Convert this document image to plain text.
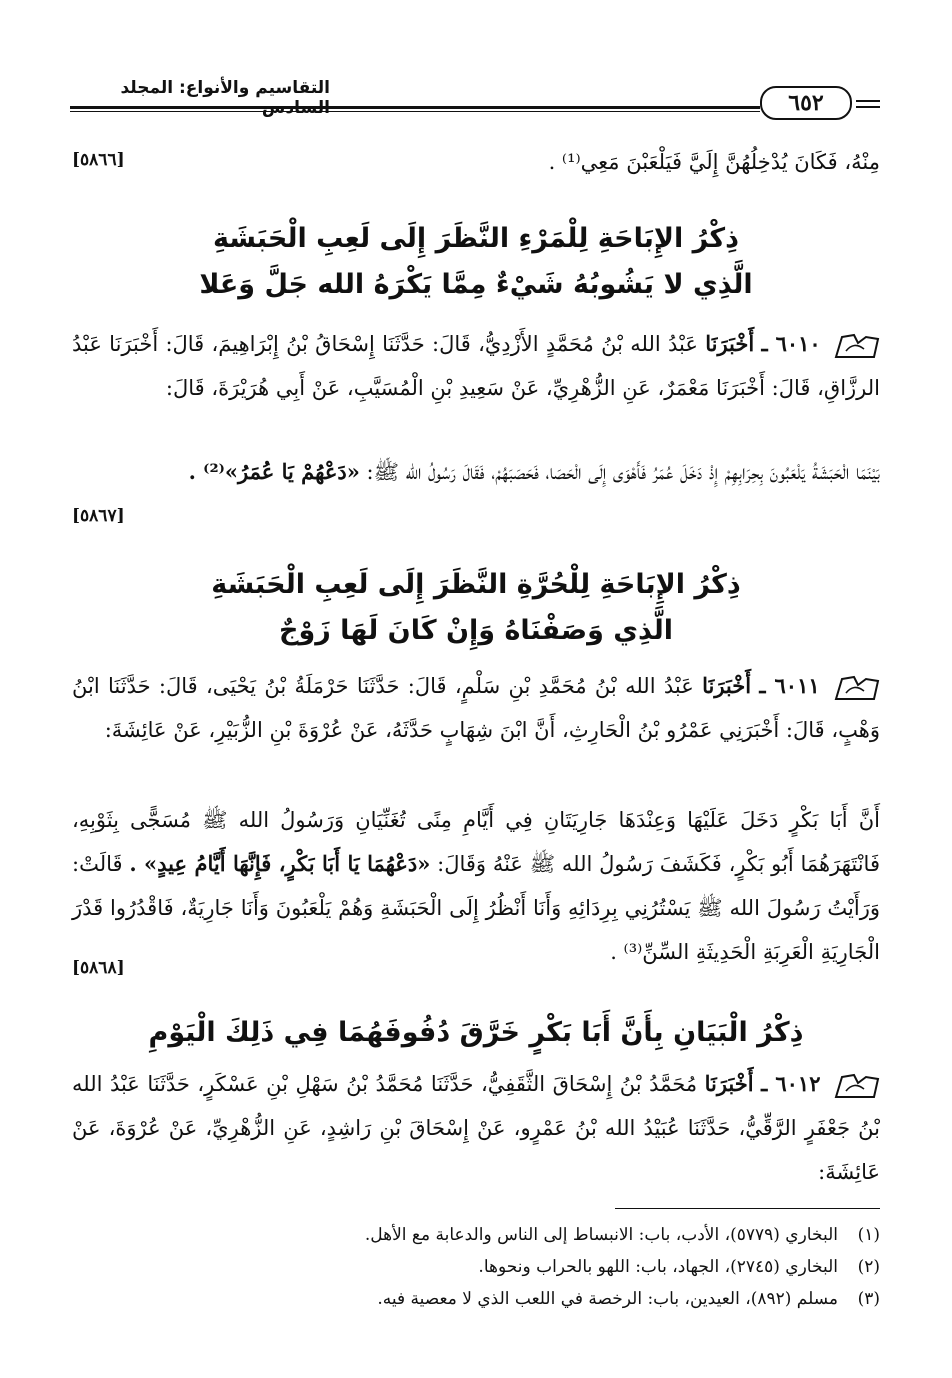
التقاسيم والأنواع: المجلد السادس	٦٥٢
مِنْهُ، فَكَانَ يُدْخِلُهُنَّ إِلَيَّ فَيَلْعَبْنَ مَعِي⁽¹⁾ .
[٥٨٦٦]
ذِكْرُ الإِبَاحَةِ لِلْمَرْءِ النَّظَرَ إِلَى لَعِبِ الْحَبَشَةِ
الَّذِي لا يَشُوبُهُ شَيْءٌ مِمَّا يَكْرَهُ الله جَلَّ وَعَلا
٦٠١٠ ـ أَخْبَرَنَا عَبْدُ الله بْنُ مُحَمَّدٍ الأَزْدِيُّ، قَالَ: حَدَّثَنَا إِسْحَاقُ بْنُ إِبْرَاهِيمَ، قَالَ: أَخْبَرَنَا عَبْدُ الرزَّاقِ، قَالَ: أَخْبَرَنَا مَعْمَرٌ، عَنِ الزُّهْرِيِّ، عَنْ سَعِيدِ بْنِ الْمُسَيَّبِ، عَنْ أَبِي هُرَيْرَةَ، قَالَ:
بَيْنَمَا الْحَبَشَةُ يَلْعَبُونَ بِحِرَابِهِمْ إِذْ دَخَلَ عُمَرُ فَأَهْوَى إِلَى الْحَصَا، فَحَصَبَهُمْ، فَقَالَ رَسُولُ الله ﷺ: «دَعْهُمْ يَا عُمَرُ»⁽²⁾ .
[٥٨٦٧]
ذِكْرُ الإِبَاحَةِ لِلْحُرَّةِ النَّظَرَ إِلَى لَعِبِ الْحَبَشَةِ
الَّذِي وَصَفْنَاهُ وَإِنْ كَانَ لَهَا زَوْجٌ
٦٠١١ ـ أَخْبَرَنَا عَبْدُ الله بْنُ مُحَمَّدِ بْنِ سَلْمٍ، قَالَ: حَدَّثَنَا حَرْمَلَةُ بْنُ يَحْيَى، قَالَ: حَدَّثَنَا ابْنُ وَهْبٍ، قَالَ: أَخْبَرَنِي عَمْرُو بْنُ الْحَارِثِ، أَنَّ ابْنَ شِهَابٍ حَدَّثَهُ، عَنْ عُرْوَةَ بْنِ الزُّبَيْرِ، عَنْ عَائِشَةَ:
أَنَّ أَبَا بَكْرٍ دَخَلَ عَلَيْهَا وَعِنْدَهَا جَارِيَتَانِ فِي أَيَّامِ مِنًى تُغَنِّيَانِ وَرَسُولُ الله ﷺ مُسَجًّى بِثَوْبِهِ، فَانْتَهَرَهُمَا أَبُو بَكْرٍ، فَكَشَفَ رَسُولُ الله ﷺ عَنْهُ وَقَالَ: «دَعْهُمَا يَا أَبَا بَكْرٍ، فَإِنَّهَا أَيَّامُ عِيدٍ» . قَالَتْ: وَرَأَيْتُ رَسُولَ الله ﷺ يَسْتُرُنِي بِرِدَائِهِ وَأَنَا أَنْظُرُ إِلَى الْحَبَشَةِ وَهُمْ يَلْعَبُونَ وَأَنَا جَارِيَةٌ، فَاقْدُرُوا قَدْرَ الْجَارِيَةِ الْعَرِبَةِ الْحَدِيثَةِ السِّنِّ⁽³⁾ .
[٥٨٦٨]
ذِكْرُ الْبَيَانِ بِأَنَّ أَبَا بَكْرٍ خَرَّقَ دُفُوفَهُمَا فِي ذَلِكَ الْيَوْمِ
٦٠١٢ ـ أَخْبَرَنَا مُحَمَّدُ بْنُ إِسْحَاقَ الثَّقَفِيُّ، حَدَّثَنَا مُحَمَّدُ بْنُ سَهْلِ بْنِ عَسْكَرٍ، حَدَّثَنَا عَبْدُ الله بْنُ جَعْفَرٍ الرَّقِّيُّ، حَدَّثَنَا عُبَيْدُ الله بْنُ عَمْرٍو، عَنْ إِسْحَاقَ بْنِ رَاشِدٍ، عَنِ الزُّهْرِيِّ، عَنْ عُرْوَةَ، عَنْ عَائِشَةَ:
(١)البخاري (٥٧٧٩)، الأدب، باب: الانبساط إلى الناس والدعابة مع الأهل.
(٢)البخاري (٢٧٤٥)، الجهاد، باب: اللهو بالحراب ونحوها.
(٣)مسلم (٨٩٢)، العيدين، باب: الرخصة في اللعب الذي لا معصية فيه.
